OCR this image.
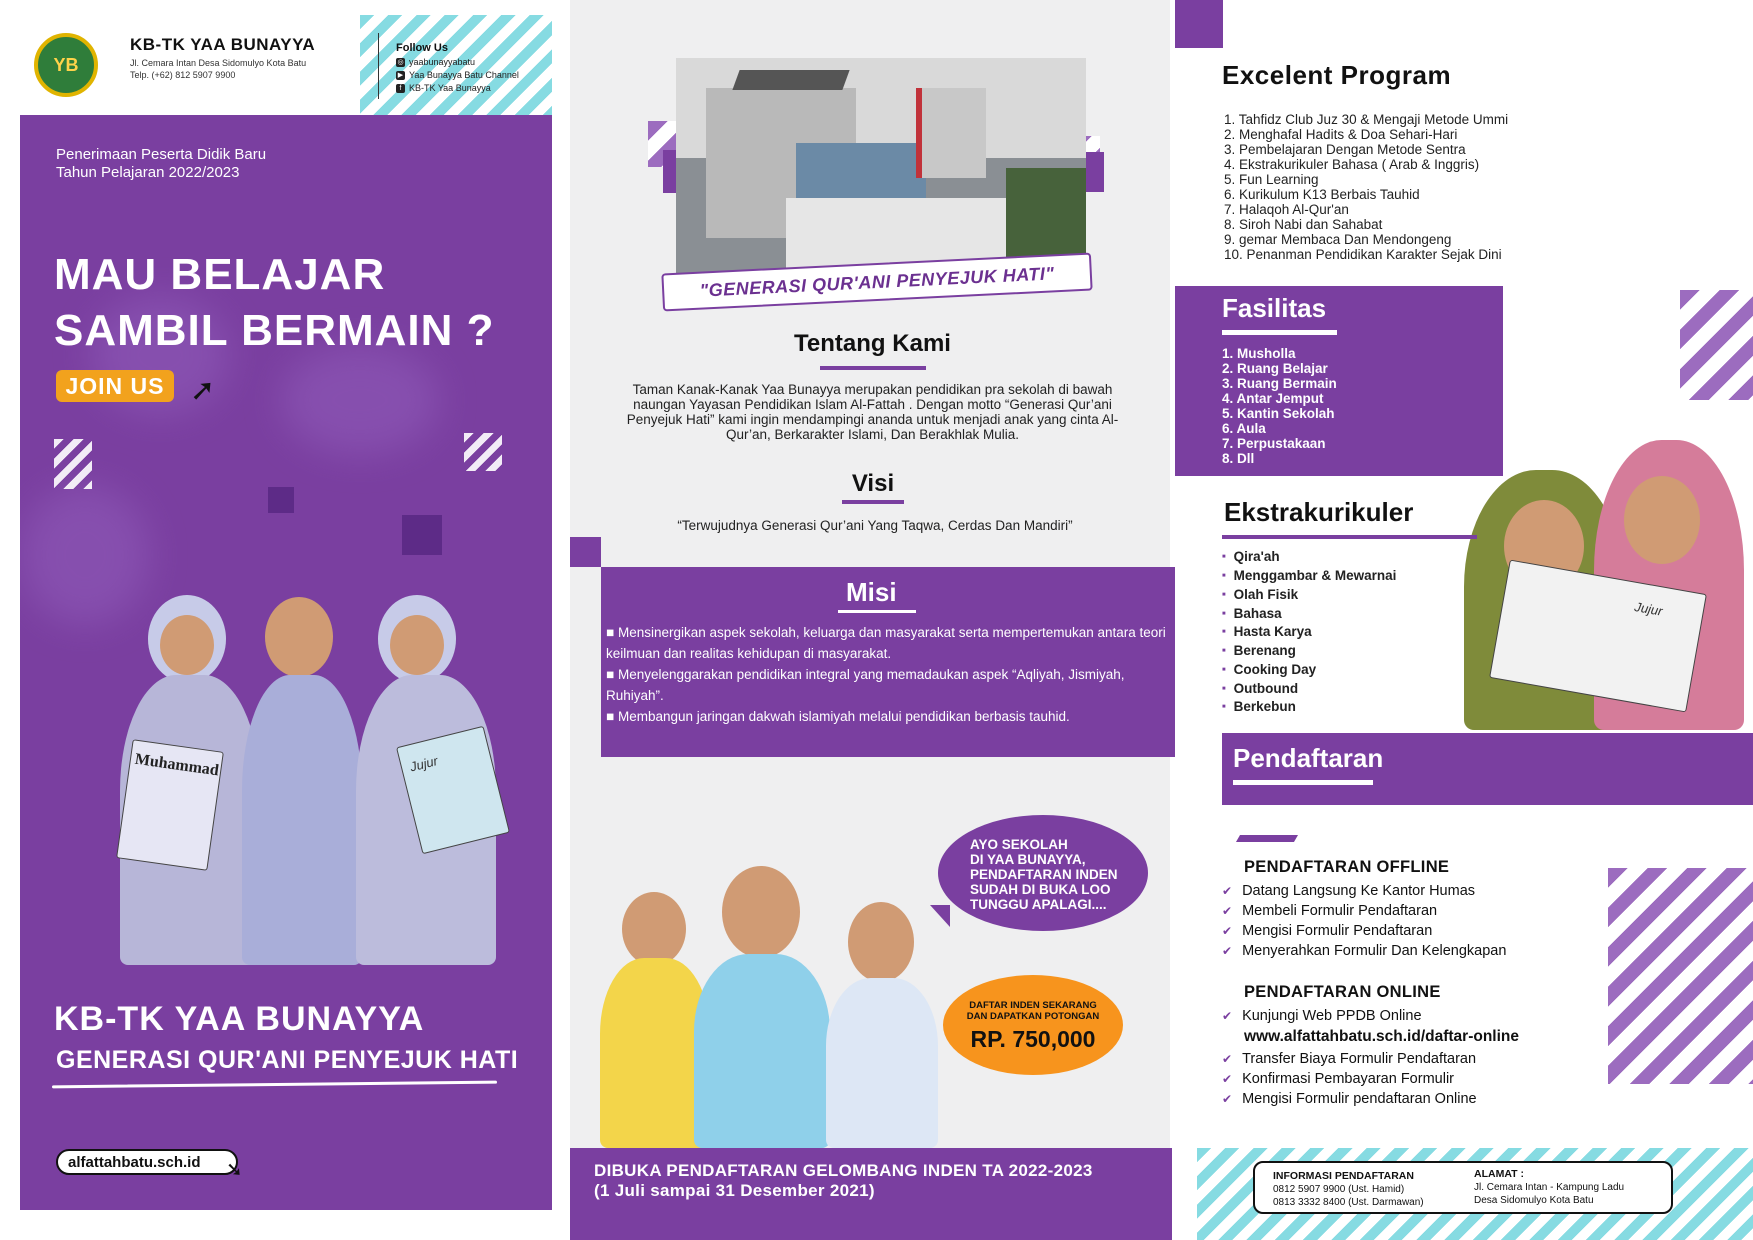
YB
KB-TK YAA BUNAYYA
Jl. Cemara Intan Desa Sidomulyo Kota Batu
Telp. (+62) 812 5907 9900
Follow Us
◎ yaabunayyabatu
▶ Yaa Bunayya Batu Channel
f KB-TK Yaa Bunayya
Penerimaan Peserta Didik Baru
Tahun Pelajaran 2022/2023
MAU BELAJAR
SAMBIL BERMAIN ?
JOIN US ➚
Muhammad	Jujur
KB-TK YAA BUNAYYA
GENERASI QUR'ANI PENYEJUK HATI
alfattahbatu.sch.id ➘
"GENERASI QUR'ANI PENYEJUK HATI"
Tentang Kami
Taman Kanak-Kanak Yaa Bunayya merupakan pendidikan pra sekolah di bawah naungan Yayasan Pendidikan Islam Al-Fattah . Dengan motto “Generasi Qur’ani Penyejuk Hati” kami ingin mendampingi ananda untuk menjadi anak yang cinta Al-Qur’an, Berkarakter Islami, Dan Berakhlak Mulia.
Visi
“Terwujudnya Generasi Qur’ani Yang Taqwa, Cerdas Dan Mandiri”
Misi
■ Mensinergikan aspek sekolah, keluarga dan masyarakat serta mempertemukan antara teori keilmuan dan realitas kehidupan di masyarakat.
■ Menyelenggarakan pendidikan integral yang memadaukan aspek “Aqliyah, Jismiyah, Ruhiyah”.
■ Membangun jaringan dakwah islamiyah melalui pendidikan berbasis tauhid.
AYO SEKOLAH
DI YAA BUNAYYA,
PENDAFTARAN INDEN
SUDAH DI BUKA LOO
TUNGGU APALAGI....
DAFTAR INDEN SEKARANG
DAN DAPATKAN POTONGAN
RP. 750,000
DIBUKA PENDAFTARAN GELOMBANG INDEN TA 2022-2023
(1 Juli sampai 31 Desember 2021)
Excelent Program
1. Tahfidz Club Juz 30 & Mengaji Metode Ummi
2. Menghafal Hadits & Doa Sehari-Hari
3. Pembelajaran Dengan Metode Sentra
4. Ekstrakurikuler Bahasa ( Arab & Inggris)
5. Fun Learning
6. Kurikulum K13 Berbais Tauhid
7. Halaqoh Al-Qur'an
8. Siroh Nabi dan Sahabat
9. gemar Membaca Dan Mendongeng
10. Penanman Pendidikan Karakter Sejak Dini
Fasilitas
1. Musholla
2. Ruang Belajar
3. Ruang Bermain
4. Antar Jemput
5. Kantin Sekolah
6. Aula
7. Perpustakaan
8. Dll
Jujur
Ekstrakurikuler
■ Qira'ah
■ Menggambar & Mewarnai
■ Olah Fisik
■ Bahasa
■ Hasta Karya
■ Berenang
■ Cooking Day
■ Outbound
■ Berkebun
Pendaftaran
PENDAFTARAN OFFLINE
✔ Datang Langsung Ke Kantor Humas
✔ Membeli Formulir Pendaftaran
✔ Mengisi Formulir Pendaftaran
✔ Menyerahkan Formulir Dan Kelengkapan
PENDAFTARAN ONLINE
✔ Kunjungi Web PPDB Online
www.alfattahbatu.sch.id/daftar-online
✔ Transfer Biaya Formulir Pendaftaran
✔ Konfirmasi Pembayaran Formulir
✔ Mengisi Formulir pendaftaran Online
INFORMASI PENDAFTARAN
0812 5907 9900 (Ust. Hamid)
0813 3332 8400 (Ust. Darmawan)
ALAMAT :
Jl. Cemara Intan - Kampung Ladu
Desa Sidomulyo Kota Batu
